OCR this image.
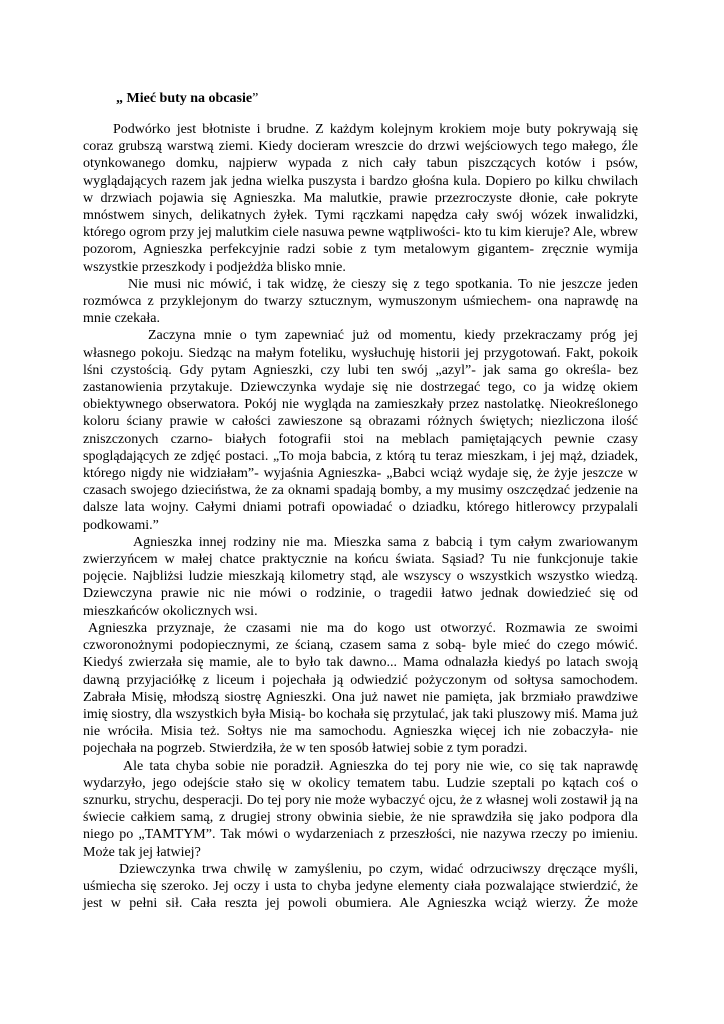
„ Mieć buty na obcasie”

Podwórko jest błotniste i brudne. Z każdym kolejnym krokiem moje buty pokrywają się coraz grubszą warstwą ziemi. Kiedy docieram wreszcie do drzwi wejściowych tego małego, źle otynkowanego domku, najpierw wypada z nich cały tabun piszczących kotów i psów, wyglądających razem jak jedna wielka puszysta i bardzo głośna kula. Dopiero po kilku chwilach w drzwiach pojawia się Agnieszka. Ma malutkie, prawie przezroczyste dłonie, całe pokryte mnóstwem sinych, delikatnych żyłek. Tymi rączkami napędza cały swój wózek inwalidzki, którego ogrom przy jej malutkim ciele nasuwa pewne wątpliwości- kto tu kim kieruje? Ale, wbrew pozorom, Agnieszka perfekcyjnie radzi sobie z tym metalowym gigantem- zręcznie wymija wszystkie przeszkody i podjeżdża blisko mnie.

Nie musi nic mówić, i tak widzę, że cieszy się z tego spotkania. To nie jeszcze jeden rozmówca z przyklejonym do twarzy sztucznym, wymuszonym uśmiechem- ona naprawdę na mnie czekała.

Zaczyna mnie o tym zapewniać już od momentu, kiedy przekraczamy próg jej własnego pokoju. Siedząc na małym foteliku, wysłuchuję historii jej przygotowań. Fakt, pokoik lśni czystością. Gdy pytam Agnieszki, czy lubi ten swój „azyl”- jak sama go określa- bez zastanowienia przytakuje. Dziewczynka wydaje się nie dostrzegać tego, co ja widzę okiem obiektywnego obserwatora. Pokój nie wygląda na zamieszkały przez nastolatkę. Nieokreślonego koloru ściany prawie w całości zawieszone są obrazami różnych świętych; niezliczona ilość zniszczonych czarno- białych fotografii stoi na meblach pamiętających pewnie czasy spoglądających ze zdjęć postaci. „To moja babcia, z którą tu teraz mieszkam, i jej mąż, dziadek, którego nigdy nie widziałam”- wyjaśnia Agnieszka- „Babci wciąż wydaje się, że żyje jeszcze w czasach swojego dzieciństwa, że za oknami spadają bomby, a my musimy oszczędzać jedzenie na dalsze lata wojny. Całymi dniami potrafi opowiadać o dziadku, którego hitlerowcy przypalali podkowami.”

Agnieszka innej rodziny nie ma. Mieszka sama z babcią i tym całym zwariowanym zwierzyńcem w małej chatce praktycznie na końcu świata. Sąsiad? Tu nie funkcjonuje takie pojęcie. Najbliżsi ludzie mieszkają kilometry stąd, ale wszyscy o wszystkich wszystko wiedzą. Dziewczyna prawie nic nie mówi o rodzinie, o tragedii łatwo jednak dowiedzieć się od mieszkańców okolicznych wsi.

Agnieszka przyznaje, że czasami nie ma do kogo ust otworzyć. Rozmawia ze swoimi czworonożnymi podopiecznymi, ze ścianą, czasem sama z sobą- byle mieć do czego mówić. Kiedyś zwierzała się mamie, ale to było tak dawno... Mama odnalazła kiedyś po latach swoją dawną przyjaciółkę z liceum i pojechała ją odwiedzić pożyczonym od sołtysa samochodem. Zabrała Misię, młodszą siostrę Agnieszki. Ona już nawet nie pamięta, jak brzmiało prawdziwe imię siostry, dla wszystkich była Misią- bo kochała się przytulać, jak taki pluszowy miś. Mama już nie wróciła. Misia też. Sołtys nie ma samochodu. Agnieszka więcej ich nie zobaczyła- nie pojechała na pogrzeb. Stwierdziła, że w ten sposób łatwiej sobie z tym poradzi.

Ale tata chyba sobie nie poradził. Agnieszka do tej pory nie wie, co się tak naprawdę wydarzyło, jego odejście stało się w okolicy tematem tabu. Ludzie szeptali po kątach coś o sznurku, strychu, desperacji. Do tej pory nie może wybaczyć ojcu, że z własnej woli zostawił ją na świecie całkiem samą, z drugiej strony obwinia siebie, że nie sprawdziła się jako podpora dla niego po „TAMTYM”. Tak mówi o wydarzeniach z przeszłości, nie nazywa rzeczy po imieniu. Może tak jej łatwiej?

Dziewczynka trwa chwilę w zamyśleniu, po czym, widać odrzuciwszy dręczące myśli, uśmiecha się szeroko. Jej oczy i usta to chyba jedyne elementy ciała pozwalające stwierdzić, że jest w pełni sił. Cała reszta jej powoli obumiera. Ale Agnieszka wciąż wierzy. Że może
